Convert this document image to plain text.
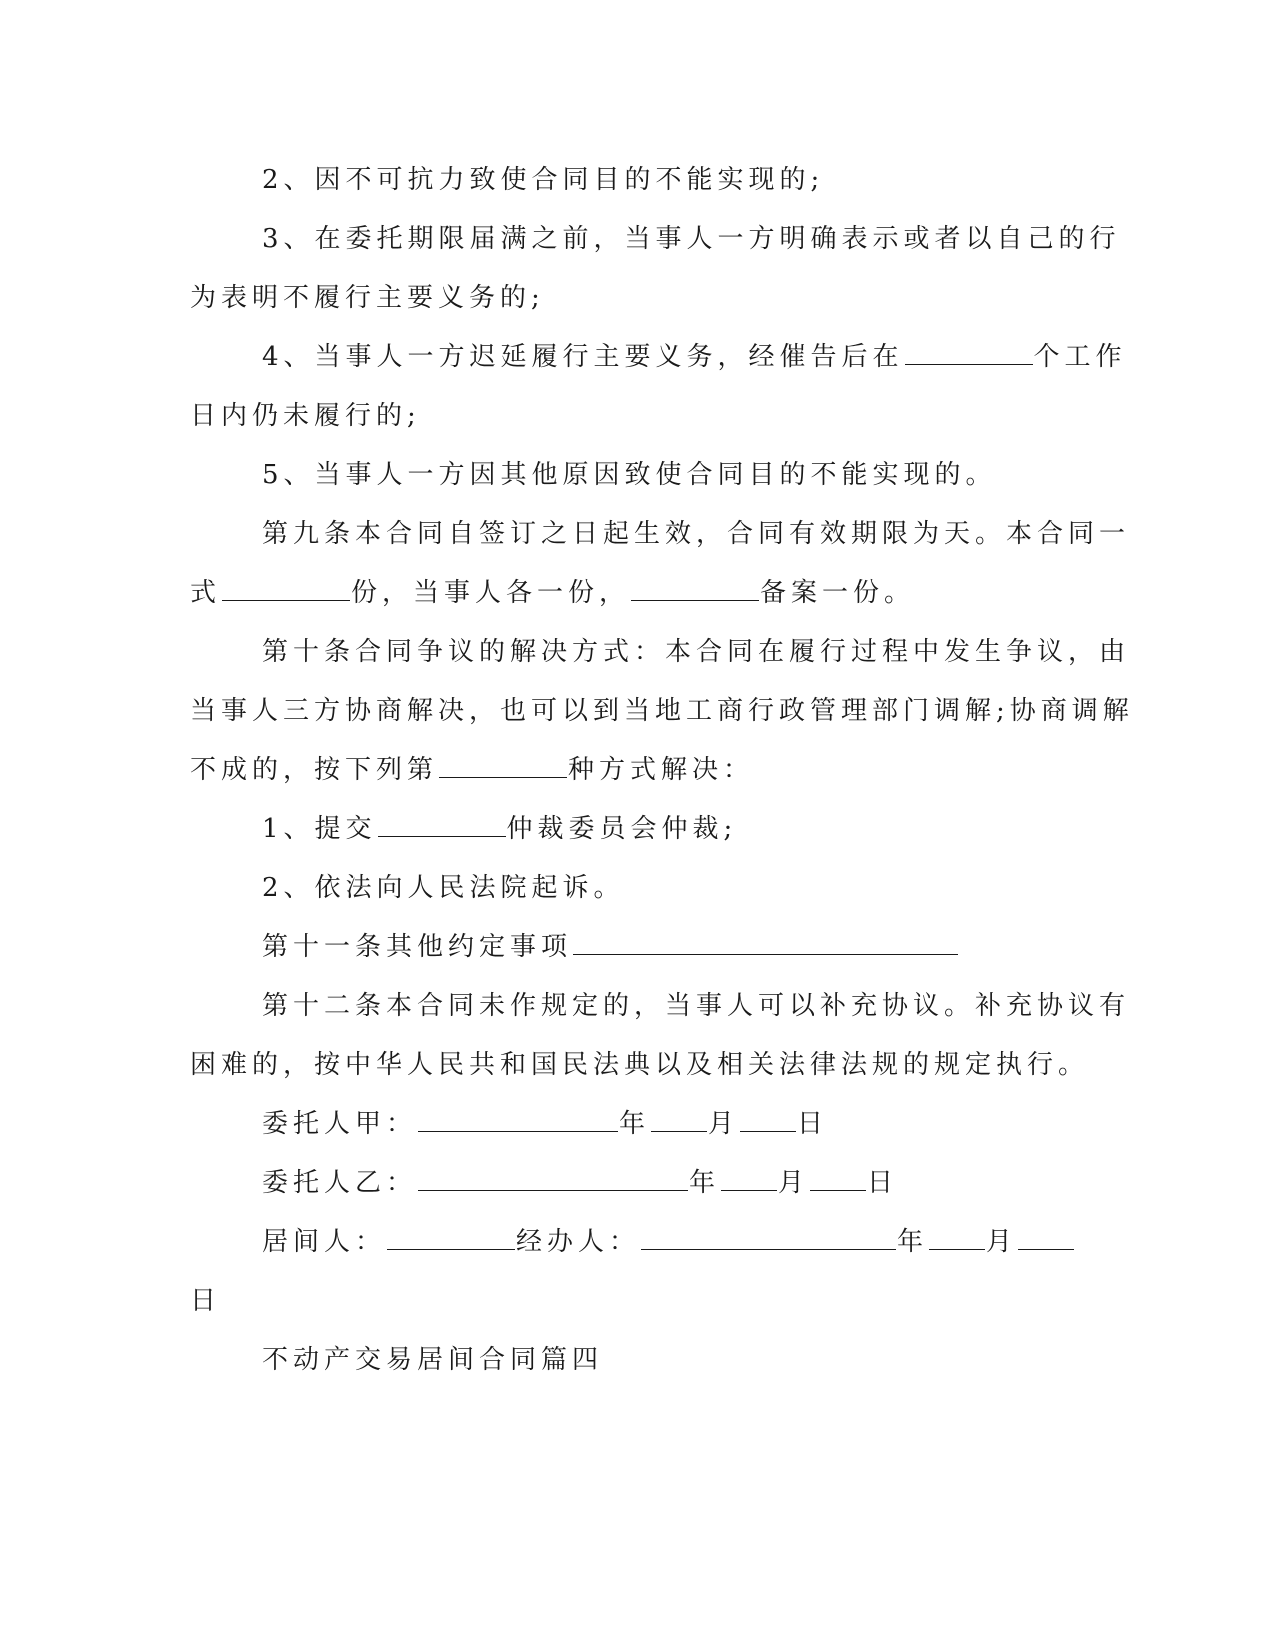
2、因不可抗力致使合同目的不能实现的;
3、在委托期限届满之前，当事人一方明确表示或者以自己的行
为表明不履行主要义务的;
4、当事人一方迟延履行主要义务，经催告后在	个工作
日内仍未履行的;
5、当事人一方因其他原因致使合同目的不能实现的。
第九条本合同自签订之日起生效，合同有效期限为天。本合同一
式	份，当事人各一份，	备案一份。
第十条合同争议的解决方式：本合同在履行过程中发生争议，由
当事人三方协商解决，也可以到当地工商行政管理部门调解;协商调解
不成的，按下列第	种方式解决：
1、提交	仲裁委员会仲裁;
2、依法向人民法院起诉。
第十一条其他约定事项
第十二条本合同未作规定的，当事人可以补充协议。补充协议有
困难的，按中华人民共和国民法典以及相关法律法规的规定执行。
委托人甲：	年 月 日
委托人乙：	年 月 日
居间人：	经办人：	年 月
日
不动产交易居间合同篇四
